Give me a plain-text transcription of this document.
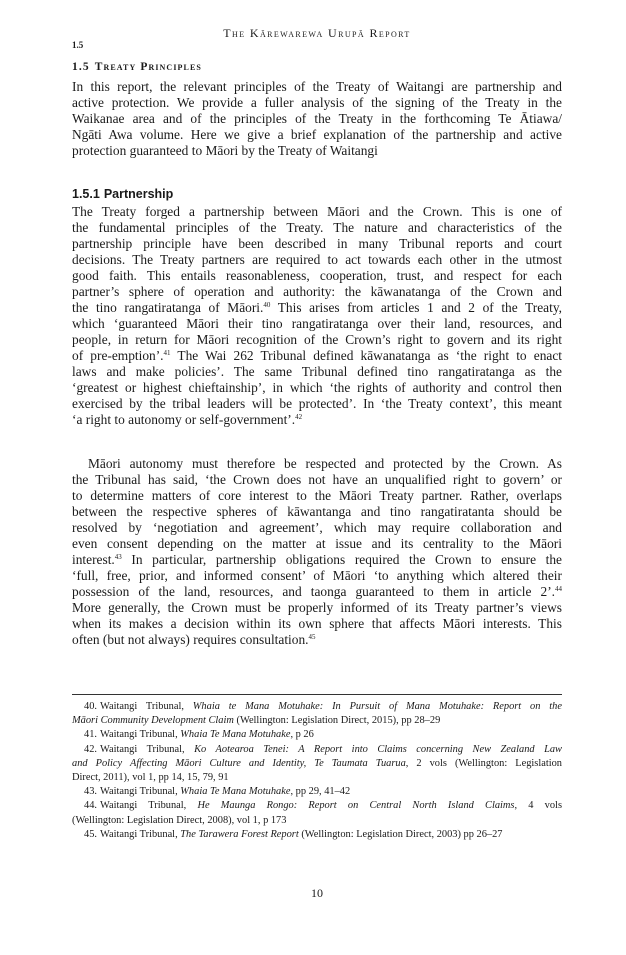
The Kārewarewa Urupā Report
1.5
1.5 Treaty Principles

In this report, the relevant principles of the Treaty of Waitangi are partnership and
active protection. We provide a fuller analysis of the signing of the Treaty in the
Waikanae area and of the principles of the Treaty in the forthcoming Te Ātiawa/
Ngāti Awa volume. Here we give a brief explanation of the partnership and active
protection guaranteed to Māori by the Treaty of Waitangi

1.5.1 Partnership

The Treaty forged a partnership between Māori and the Crown. This is one of
the fundamental principles of the Treaty. The nature and characteristics of the
partnership principle have been described in many Tribunal reports and court
decisions. The Treaty partners are required to act towards each other in the utmost
good faith. This entails reasonableness, cooperation, trust, and respect for each
partner’s sphere of operation and authority: the kāwanatanga of the Crown and
the tino rangatiratanga of Māori.$^{40}$ This arises from articles 1 and 2 of the Treaty,
which ‘guaranteed Māori their tino rangatiratanga over their land, resources, and
people, in return for Māori recognition of the Crown’s right to govern and its right
of pre-emption’.$^{41}$ The Wai 262 Tribunal defined kāwanatanga as ‘the right to enact
laws and make policies’. The same Tribunal defined tino rangatiratanga as the
‘greatest or highest chieftainship’, in which ‘the rights of authority and control then
exercised by the tribal leaders will be protected’. In ‘the Treaty context’, this meant
‘a right to autonomy or self-government’.$^{42}$

Māori autonomy must therefore be respected and protected by the Crown. As
the Tribunal has said, ‘the Crown does not have an unqualified right to govern’ or
to determine matters of core interest to the Māori Treaty partner. Rather, overlaps
between the respective spheres of kāwantanga and tino rangatiratanta should be
resolved by ‘negotiation and agreement’, which may require collaboration and
even consent depending on the matter at issue and its centrality to the Māori
interest.$^{43}$ In particular, partnership obligations required the Crown to ensure the
‘full, free, prior, and informed consent’ of Māori ‘to anything which altered their
possession of the land, resources, and taonga guaranteed to them in article 2’.$^{44}$
More generally, the Crown must be properly informed of its Treaty partner’s views
when its makes a decision within its own sphere that affects Māori interests. This
often (but not always) requires consultation.$^{45}$

40. Waitangi Tribunal, Whaia te Mana Motuhake: In Pursuit of Mana Motuhake: Report on the
Māori Community Development Claim (Wellington: Legislation Direct, 2015), pp 28–29
41. Waitangi Tribunal, Whaia Te Mana Motuhake, p 26
42. Waitangi Tribunal, Ko Aotearoa Tenei: A Report into Claims concerning New Zealand Law
and Policy Affecting Māori Culture and Identity, Te Taumata Tuarua, 2 vols (Wellington: Legislation
Direct, 2011), vol 1, pp 14, 15, 79, 91
43. Waitangi Tribunal, Whaia Te Mana Motuhake, pp 29, 41–42
44. Waitangi Tribunal, He Maunga Rongo: Report on Central North Island Claims, 4 vols
(Wellington: Legislation Direct, 2008), vol 1, p 173
45. Waitangi Tribunal, The Tarawera Forest Report (Wellington: Legislation Direct, 2003) pp 26–27
10
